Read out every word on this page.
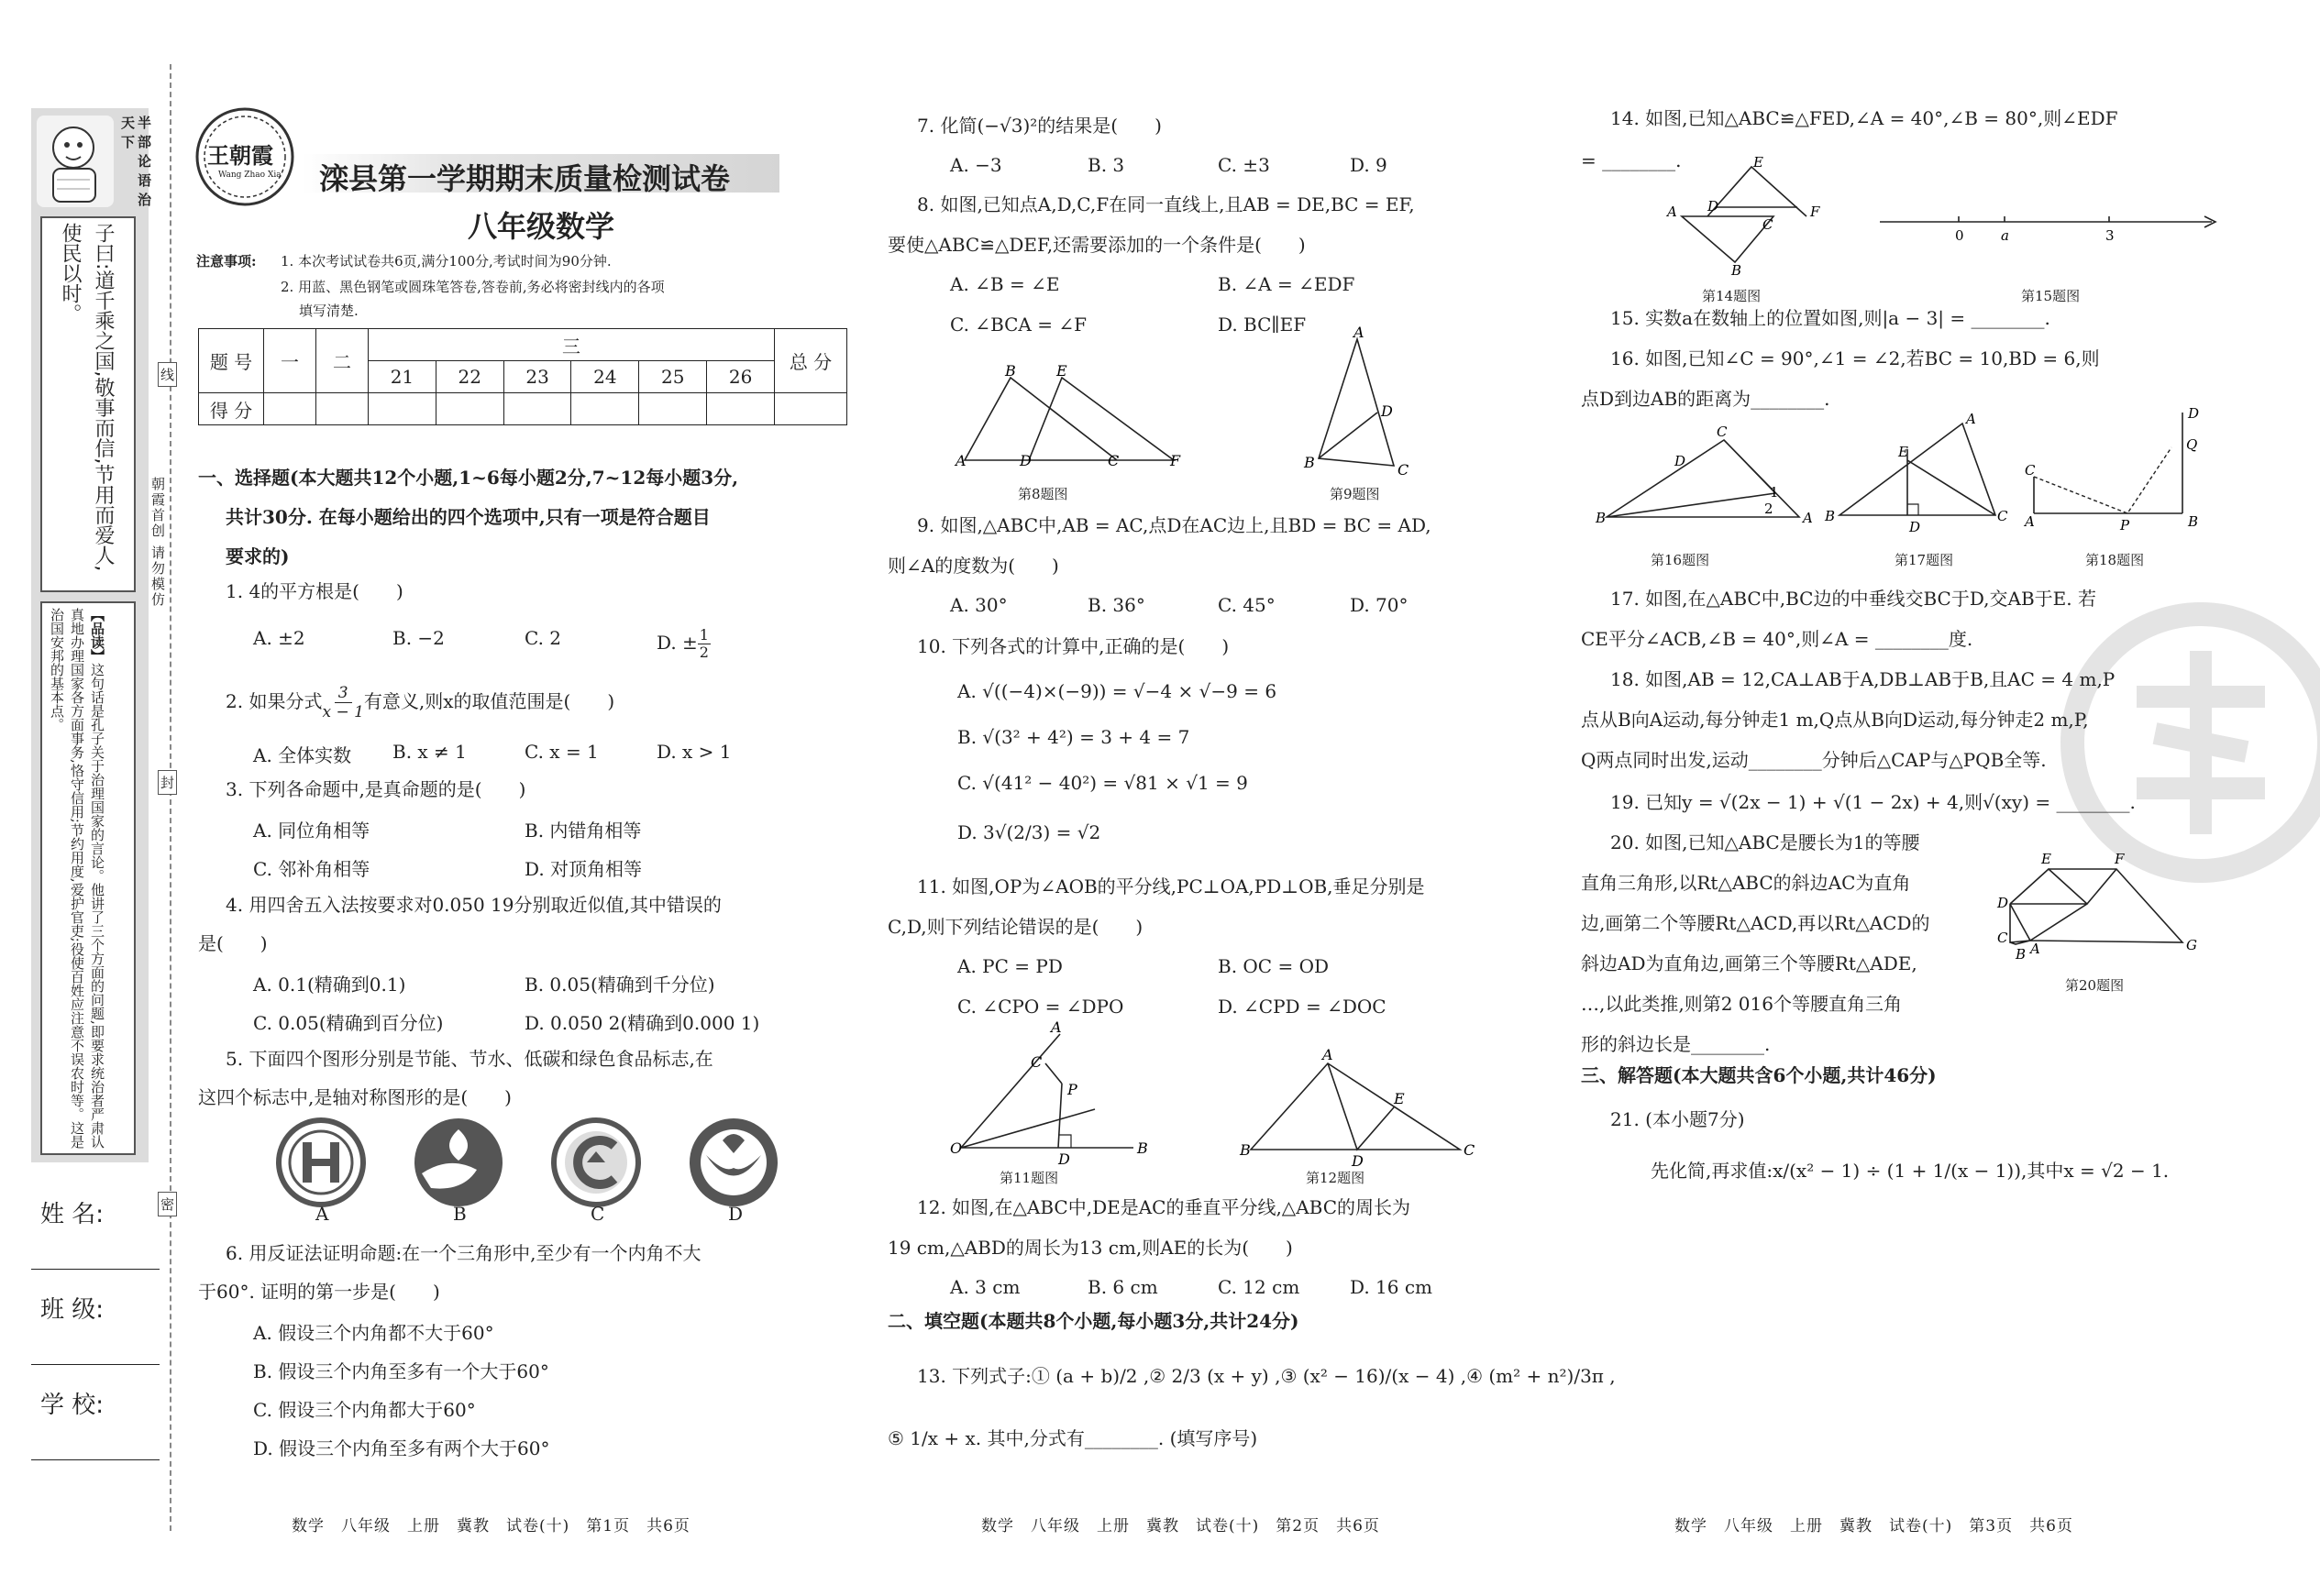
半部论语治天下
子曰:道千乘之国,敬事而信,节用而爱人,使民以时。
【品读】这句话是孔子关于治理国家的言论。他讲了三个方面的问题,即要求统治者严肃认真地办理国家各方面事务,恪守信用;节约用度,爱护官吏;役使百姓应注意不误农时等。这是治国安邦的基本点。
线
朝霞首创 请勿模仿
封
密
姓 名:
班 级:
学 校:
王朝霞
Wang Zhao Xia 滦县第一学期期末质量检测试卷
八年级数学
注意事项: 1. 本次考试试卷共6页,满分100分,考试时间为90分钟.
2. 用蓝、黑色钢笔或圆珠笔答卷,答卷前,务必将密封线内的各项
填写清楚.
题 号	一	二	三						总 分
			21	22	23	24	25	26	
得 分									
一、选择题(本大题共12个小题,1~6每小题2分,7~12每小题3分,
共计30分. 在每小题给出的四个选项中,只有一项是符合题目
要求的)
1. 4的平方根是(　　)
A. ±2	B. −2	C. 2	D. ± $\frac{1}{2}$
2. 如果分式 $\frac{3}{x - 1}$ 有意义,则x的取值范围是(　　)
A. 全体实数 B. x ≠ 1	C. x = 1	D. x > 1
3. 下列各命题中,是真命题的是(　　)
A. 同位角相等	B. 内错角相等
C. 邻补角相等	D. 对顶角相等
4. 用四舍五入法按要求对0.050 19分别取近似值,其中错误的
是(　　)
A. 0.1(精确到0.1)	B. 0.05(精确到千分位)
C. 0.05(精确到百分位)	D. 0.050 2(精确到0.000 1)
5. 下面四个图形分别是节能、节水、低碳和绿色食品标志,在
这四个标志中,是轴对称图形的是(　　)
A	B	C	D
6. 用反证法证明命题:在一个三角形中,至少有一个内角不大
于60°. 证明的第一步是(　　)
A. 假设三个内角都不大于60°
B. 假设三个内角至多有一个大于60°
C. 假设三个内角都大于60°
D. 假设三个内角至多有两个大于60°
数学　八年级　上册　冀教　试卷(十)　第1页　共6页
7. 化简(−√3)²的结果是(　　)
A. −3	B. 3	C. ±3	D. 9
8. 如图,已知点A,D,C,F在同一直线上,且AB = DE,BC = EF,
要使△ABC≌△DEF,还需要添加的一个条件是(　　)
A. ∠B = ∠E	B. ∠A = ∠EDF
C. ∠BCA = ∠F	D. BC∥EF
B	E
A	D	C	F
第8题图
A
B	C
D
第9题图
9. 如图,△ABC中,AB = AC,点D在AC边上,且BD = BC = AD,
则∠A的度数为(　　)
A. 30°	B. 36°	C. 45°	D. 70°
10. 下列各式的计算中,正确的是(　　)
A. √((−4)×(−9)) = √−4 × √−9 = 6
B. √(3² + 4²) = 3 + 4 = 7
C. √(41² − 40²) = √81 × √1 = 9
D. 3√(2/3) = √2
11. 如图,OP为∠AOB的平分线,PC⊥OA,PD⊥OB,垂足分别是
C,D,则下列结论错误的是(　　)
A. PC = PD	B. OC = OD
C. ∠CPO = ∠DPO	D. ∠CPD = ∠DOC
A
O	B
C
P
D
第11题图
A
B	C
D
E
第12题图
12. 如图,在△ABC中,DE是AC的垂直平分线,△ABC的周长为
19 cm,△ABD的周长为13 cm,则AE的长为(　　)
A. 3 cm	B. 6 cm	C. 12 cm	D. 16 cm
二、填空题(本题共8个小题,每小题3分,共计24分)
13. 下列式子:① (a + b)/2 ,② 2/3 (x + y) ,③ (x² − 16)/(x − 4) ,④ (m² + n²)/3π ,
⑤ 1/x + x. 其中,分式有________. (填写序号)
数学　八年级　上册　冀教　试卷(十)　第2页　共6页
14. 如图,已知△ABC≌△FED,∠A = 40°,∠B = 80°,则∠EDF
= ________.
A D
C
E
F
B
第14题图
0	a	3
第15题图
15. 实数a在数轴上的位置如图,则|a − 3| = ________.
16. 如图,已知∠C = 90°,∠1 = ∠2,若BC = 10,BD = 6,则
点D到边AB的距离为________.
B
C
D
A
1
2
第16题图
B
A
C
E
D
第17题图
C
A	P	B
D
Q
第18题图
17. 如图,在△ABC中,BC边的中垂线交BC于D,交AB于E. 若
CE平分∠ACB,∠B = 40°,则∠A = ________度.
18. 如图,AB = 12,CA⊥AB于A,DB⊥AB于B,且AC = 4 m,P
点从B向A运动,每分钟走1 m,Q点从B向D运动,每分钟走2 m,P,
Q两点同时出发,运动________分钟后△CAP与△PQB全等.
19. 已知y = √(2x − 1) + √(1 − 2x) + 4,则√(xy) = ________.
20. 如图,已知△ABC是腰长为1的等腰
直角三角形,以Rt△ABC的斜边AC为直角
边,画第二个等腰Rt△ACD,再以Rt△ACD的
斜边AD为直角边,画第三个等腰Rt△ADE,
…,以此类推,则第2 016个等腰直角三角
形的斜边长是________.
E	F
D
C
B A	G
第20题图
三、解答题(本大题共含6个小题,共计46分)
21. (本小题7分)
先化简,再求值:x/(x² − 1) ÷ (1 + 1/(x − 1)),其中x = √2 − 1.
数学　八年级　上册　冀教　试卷(十)　第3页　共6页
